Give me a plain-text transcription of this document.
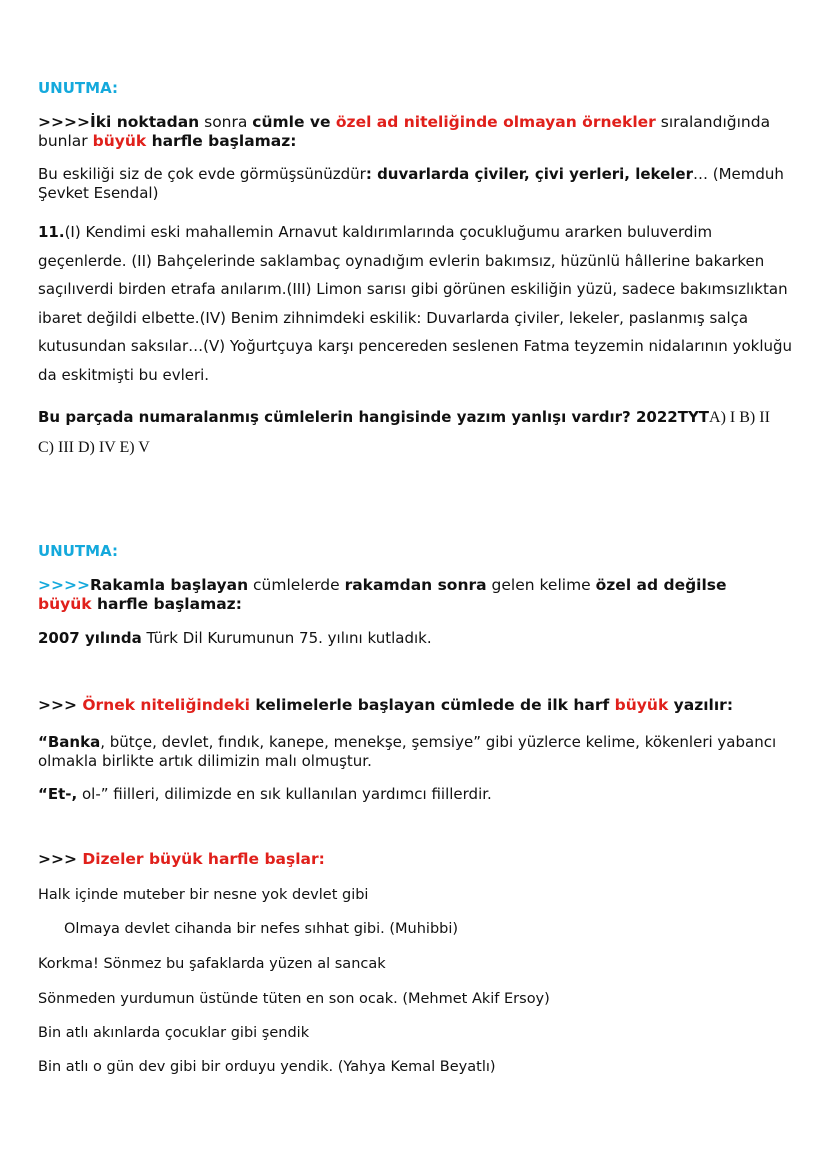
UNUTMA:
>>>>İki noktadan sonra cümle ve özel ad niteliğinde olmayan örnekler sıralandığında bunlar büyük harfle başlamaz:
Bu eskiliği siz de çok evde görmüşsünüzdür: duvarlarda çiviler, çivi yerleri, lekeler… (Memduh Şevket Esendal)
11.(I) Kendimi eski mahallemin Arnavut kaldırımlarında çocukluğumu ararken buluverdim geçenlerde. (II) Bahçelerinde saklambaç oynadığım evlerin bakımsız, hüzünlü hâllerine bakarken saçılıverdi birden etrafa anılarım.(III) Limon sarısı gibi görünen eskiliğin yüzü, sadece bakımsızlıktan ibaret değildi elbette.(IV) Benim zihnimdeki eskilik: Duvarlarda çiviler, lekeler, paslanmış salça kutusundan saksılar…(V) Yoğurtçuya karşı pencereden seslenen Fatma teyzemin nidalarının yokluğu da eskitmişti bu evleri.
Bu parçada numaralanmış cümlelerin hangisinde yazım yanlışı vardır? 2022TYTA) I B) II C) III D) IV E) V
UNUTMA:
>>>>Rakamla başlayan cümlelerde rakamdan sonra gelen kelime özel ad değilse büyük harfle başlamaz:
2007 yılında Türk Dil Kurumunun 75. yılını kutladık.
>>> Örnek niteliğindeki kelimelerle başlayan cümlede de ilk harf büyük yazılır:
“Banka, bütçe, devlet, fındık, kanepe, menekşe, şemsiye” gibi yüzlerce kelime, kökenleri yabancı olmakla birlikte artık dilimizin malı olmuştur.
“Et-, ol-” fiilleri, dilimizde en sık kullanılan yardımcı fiillerdir.
>>> Dizeler büyük harfle başlar:
Halk içinde muteber bir nesne yok devlet gibi
Olmaya devlet cihanda bir nefes sıhhat gibi. (Muhibbi)
Korkma! Sönmez bu şafaklarda yüzen al sancak
Sönmeden yurdumun üstünde tüten en son ocak. (Mehmet Akif Ersoy)
Bin atlı akınlarda çocuklar gibi şendik
Bin atlı o gün dev gibi bir orduyu yendik. (Yahya Kemal Beyatlı)
